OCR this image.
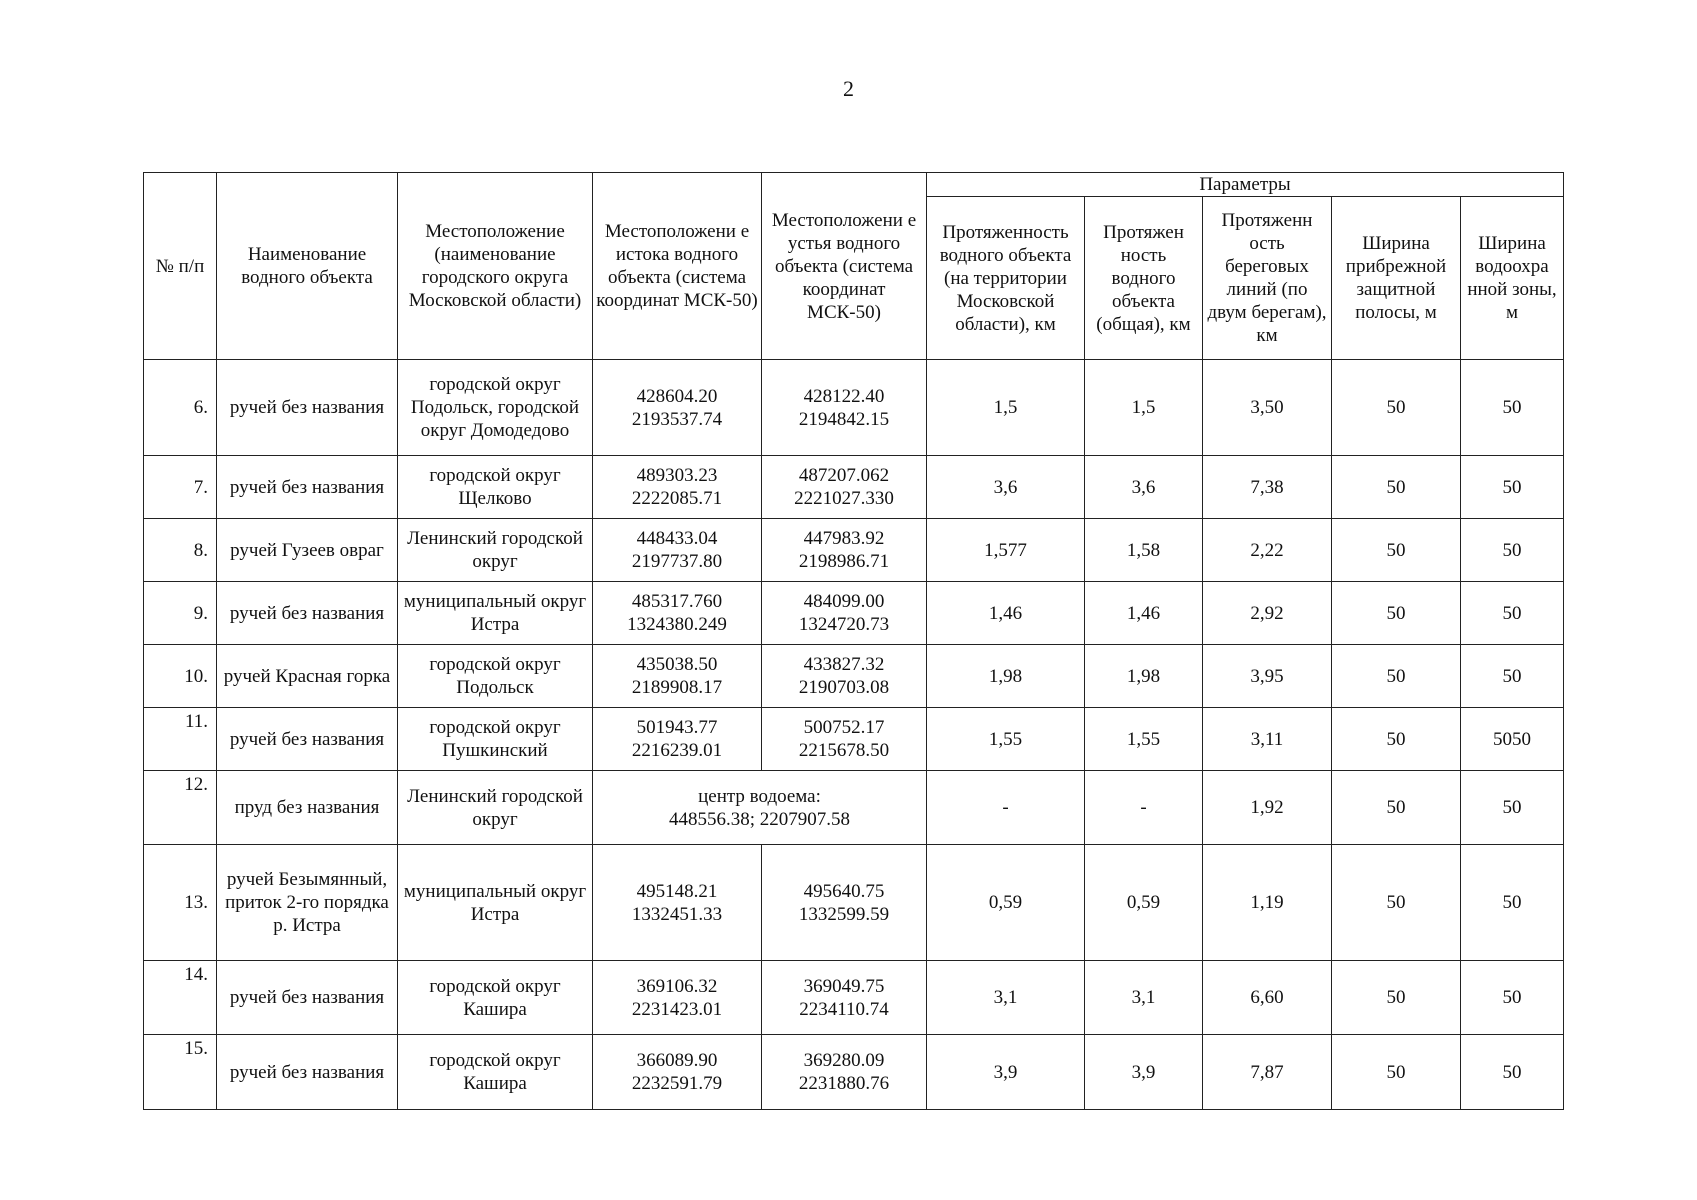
2
№ п/п	Наименование водного объекта	Местоположение (наименование городского округа Московской области)	Местоположени е истока водного объекта (система координат МСК-50)	Местоположени е устья водного объекта (система координат МСК-50)	Параметры				
					Протяженность водного объекта (на территории Московской области), км	Протяжен ность водного объекта (общая), км	Протяженн ость береговых линий (по двум берегам), км	Ширина прибрежной защитной полосы, м	Ширина водоохра нной зоны, м
6.	ручей без названия	городской округ Подольск, городской округ Домодедово	428604.20
2193537.74	428122.40
2194842.15	1,5	1,5	3,50	50	50
7.	ручей без названия	городской округ Щелково	489303.23
2222085.71	487207.062
2221027.330	3,6	3,6	7,38	50	50
8.	ручей Гузеев овраг	Ленинский городской округ	448433.04
2197737.80	447983.92
2198986.71	1,577	1,58	2,22	50	50
9.	ручей без названия	муниципальный округ Истра	485317.760
1324380.249	484099.00
1324720.73	1,46	1,46	2,92	50	50
10.	ручей Красная горка	городской округ Подольск	435038.50
2189908.17	433827.32
2190703.08	1,98	1,98	3,95	50	50
11.	ручей без названия	городской округ Пушкинский	501943.77
2216239.01	500752.17
2215678.50	1,55	1,55	3,11	50	5050
12.	пруд без названия	Ленинский городской округ	центр водоема:
448556.38; 2207907.58		-	-	1,92	50	50
13.	ручей Безымянный, приток 2-го порядка р. Истра	муниципальный округ Истра	495148.21
1332451.33	495640.75
1332599.59	0,59	0,59	1,19	50	50
14.	ручей без названия	городской округ Кашира	369106.32
2231423.01	369049.75
2234110.74	3,1	3,1	6,60	50	50
15.	ручей без названия	городской округ Кашира	366089.90
2232591.79	369280.09
2231880.76	3,9	3,9	7,87	50	50
